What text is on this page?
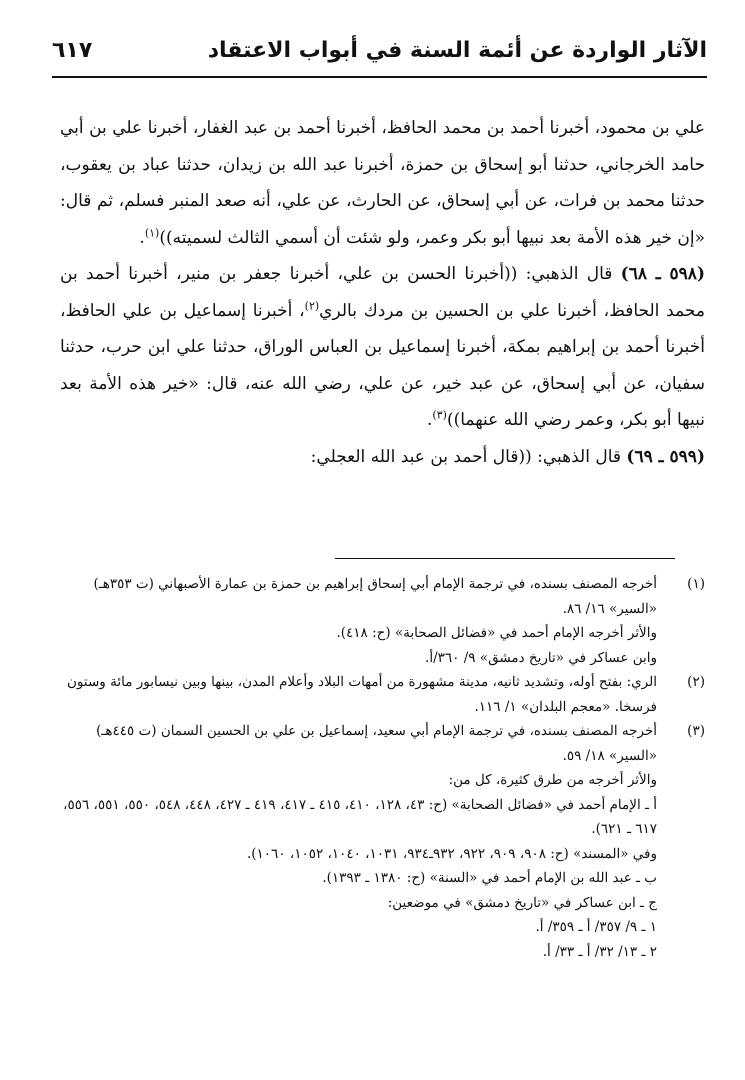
الآثار الواردة عن أئمة السنة في أبواب الاعتقاد
٦١٧

علي بن محمود، أخبرنا أحمد بن محمد الحافظ، أخبرنا أحمد بن عبد الغفار، أخبرنا علي بن أبي حامد الخرجاني، حدثنا أبو إسحاق بن حمزة، أخبرنا عبد الله بن زيدان، حدثنا عباد بن يعقوب، حدثنا محمد بن فرات، عن أبي إسحاق، عن الحارث، عن علي، أنه صعد المنبر فسلم، ثم قال: «إن خير هذه الأمة بعد نبيها أبو بكر وعمر، ولو شئت أن أسمي الثالث لسميته))$^{(١)}$.

(٥٩٨ ـ ٦٨) قال الذهبي: ((أخبرنا الحسن بن علي، أخبرنا جعفر بن منير، أخبرنا أحمد بن محمد الحافظ، أخبرنا علي بن الحسين بن مردك بالري$^{(٢)}$، أخبرنا إسماعيل بن علي الحافظ، أخبرنا أحمد بن إبراهيم بمكة، أخبرنا إسماعيل بن العباس الوراق، حدثنا علي ابن حرب، حدثنا سفيان، عن أبي إسحاق، عن عبد خير، عن علي، رضي الله عنه، قال: «خير هذه الأمة بعد نبيها أبو بكر، وعمر رضي الله عنهما))$^{(٣)}$.

(٥٩٩ ـ ٦٩) قال الذهبي: ((قال أحمد بن عبد الله العجلي:

(١)
أخرجه المصنف بسنده، في ترجمة الإمام أبي إسحاق إبراهيم بن حمزة بن عمارة الأصبهاني (ت ٣٥٣هـ) «السير» ١٦/ ٨٦.
والأثر أخرجه الإمام أحمد في «فضائل الصحابة» (ح: ٤١٨).
وابن عساكر في «تاريخ دمشق» ٩/ ٣٦٠/أ.
(٢)
الري: بفتح أوله، وتشديد ثانيه، مدينة مشهورة من أمهات البلاد وأعلام المدن، بينها وبين نيسابور مائة وستون فرسخا. «معجم البلدان» ١/ ١١٦.
(٣)
أخرجه المصنف بسنده، في ترجمة الإمام أبي سعيد، إسماعيل بن علي بن الحسين السمان (ت ٤٤٥هـ) «السير» ١٨/ ٥٩.
والأثر أخرجه من طرق كثيرة، كل من:
أ ـ الإمام أحمد في «فضائل الصحابة» (ح: ٤٣، ١٢٨، ٤١٠، ٤١٥ ـ ٤١٧، ٤١٩ ـ ٤٢٧، ٤٤٨، ٥٤٨، ٥٥٠، ٥٥١، ٥٥٦، ٦١٧ ـ ٦٢١).
وفي «المسند» (ح: ٩٠٨، ٩٠٩، ٩٢٢، ٩٣٢ـ٩٣٤، ١٠٣١، ١٠٤٠، ١٠٥٢، ١٠٦٠).
ب ـ عبد الله بن الإمام أحمد في «السنة» (ح: ١٣٨٠ ـ ١٣٩٣).
ج ـ ابن عساكر في «تاريخ دمشق» في موضعين:
١ ـ ٩/ ٣٥٧/ أ ـ ٣٥٩/ أ.
٢ ـ ١٣/ ٣٢/ أ ـ ٣٣/ أ.
